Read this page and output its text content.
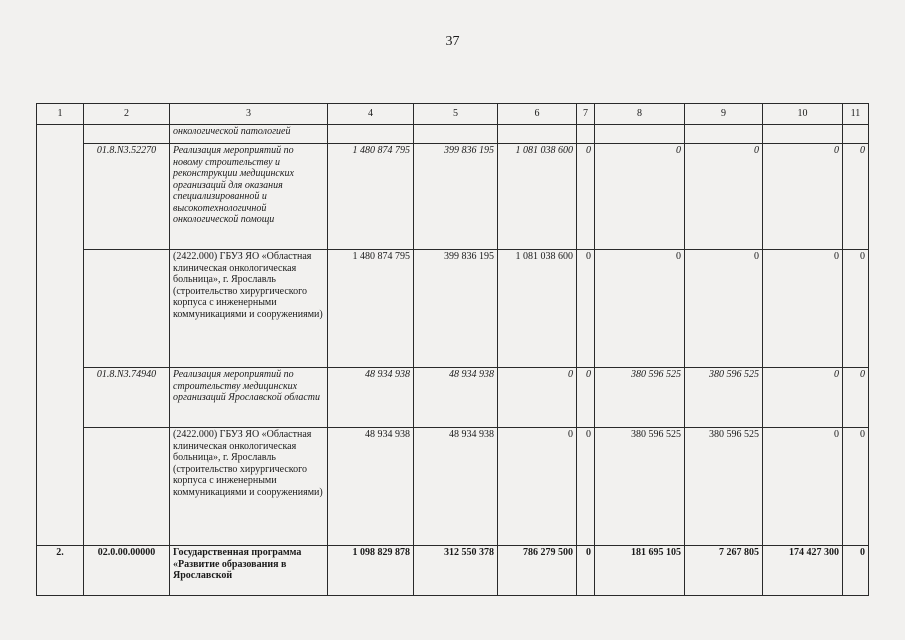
37
1	2	3	4	5	6	7	8	9	10	11
		онкологической патологией								
	01.8.N3.52270	Реализация мероприятий по новому строительству и реконструкции медицинских организаций для оказания специализированной и высокотехнологичной онкологической помощи	1 480 874 795	399 836 195	1 081 038 600	0	0	0	0	0
		(2422.000) ГБУЗ ЯО «Областная клиническая онкологическая больница», г. Ярославль (строительство хирургического корпуса с инженерными коммуникациями и сооружениями)	1 480 874 795	399 836 195	1 081 038 600	0	0	0	0	0
	01.8.N3.74940	Реализация мероприятий по строительству медицинских организаций Ярославской области	48 934 938	48 934 938	0	0	380 596 525	380 596 525	0	0
		(2422.000) ГБУЗ ЯО «Областная клиническая онкологическая больница», г. Ярославль (строительство хирургического корпуса с инженерными коммуникациями и сооружениями)	48 934 938	48 934 938	0	0	380 596 525	380 596 525	0	0
2.	02.0.00.00000	Государственная программа «Развитие образования в Ярославской	1 098 829 878	312 550 378	786 279 500	0	181 695 105	7 267 805	174 427 300	0
